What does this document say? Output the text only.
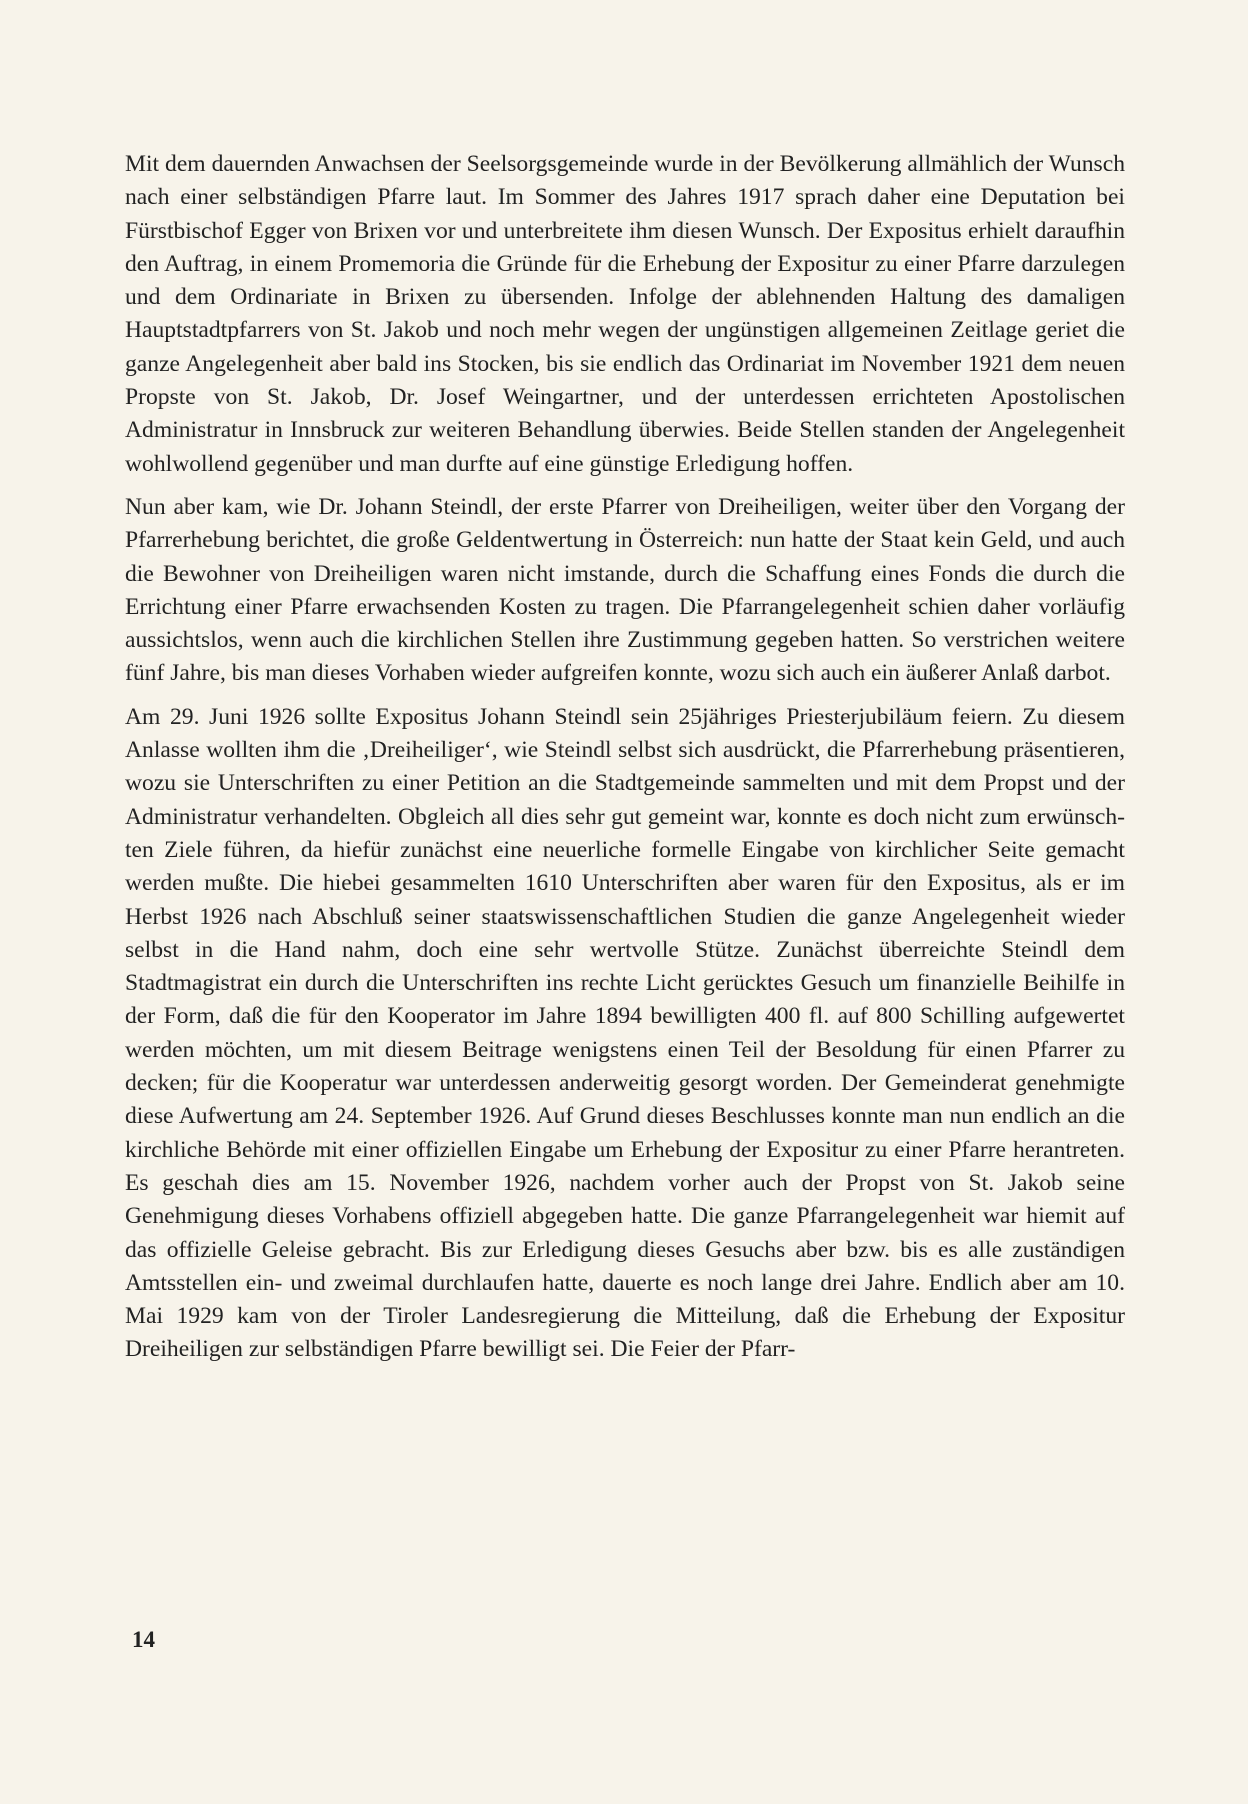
Mit dem dauernden Anwachsen der Seelsorgsgemeinde wurde in der Bevölkerung allmählich der Wunsch nach einer selbständigen Pfarre laut. Im Sommer des Jahres 1917 sprach daher eine Deputation bei Fürstbischof Egger von Brixen vor und unterbreitete ihm diesen Wunsch. Der Expositus erhielt daraufhin den Auftrag, in einem Promemoria die Gründe für die Erhebung der Expositur zu einer Pfarre darzulegen und dem Ordinariate in Brixen zu übersenden. Infolge der ablehnenden Haltung des damaligen Hauptstadtpfarrers von St. Jakob und noch mehr wegen der ungünstigen allgemeinen Zeitlage geriet die ganze Angelegenheit aber bald ins Stocken, bis sie endlich das Ordinariat im November 1921 dem neuen Propste von St. Jakob, Dr. Josef Weingartner, und der unterdessen errichteten Apostolischen Administratur in Innsbruck zur weiteren Behandlung überwies. Beide Stellen standen der Angelegenheit wohlwollend gegenüber und man durfte auf eine günstige Erledigung hoffen.

Nun aber kam, wie Dr. Johann Steindl, der erste Pfarrer von Dreiheiligen, weiter über den Vorgang der Pfarrerhebung berichtet, die große Geldentwertung in Österreich: nun hatte der Staat kein Geld, und auch die Bewohner von Dreiheiligen waren nicht imstande, durch die Schaffung eines Fonds die durch die Errichtung einer Pfarre erwachsenden Kosten zu tragen. Die Pfarrangelegenheit schien daher vorläufig aussichtslos, wenn auch die kirchlichen Stellen ihre Zustimmung gegeben hatten. So verstrichen weitere fünf Jahre, bis man dieses Vorhaben wieder aufgreifen konnte, wozu sich auch ein äußerer Anlaß darbot.

Am 29. Juni 1926 sollte Expositus Johann Steindl sein 25jähriges Priesterjubiläum feiern. Zu diesem Anlasse wollten ihm die ‚Dreiheiliger‘, wie Steindl selbst sich ausdrückt, die Pfarrerhebung präsentieren, wozu sie Unterschriften zu einer Petition an die Stadtgemeinde sammelten und mit dem Propst und der Administratur verhandelten. Obgleich all dies sehr gut gemeint war, konnte es doch nicht zum erwünschten Ziele führen, da hiefür zunächst eine neuerliche formelle Eingabe von kirchlicher Seite gemacht werden mußte. Die hiebei gesammelten 1610 Unterschriften aber waren für den Expositus, als er im Herbst 1926 nach Abschluß seiner staatswissenschaftlichen Studien die ganze Angelegenheit wieder selbst in die Hand nahm, doch eine sehr wertvolle Stütze. Zunächst überreichte Steindl dem Stadtmagistrat ein durch die Unterschriften ins rechte Licht gerücktes Gesuch um finanzielle Beihilfe in der Form, daß die für den Kooperator im Jahre 1894 bewilligten 400 fl. auf 800 Schilling aufgewertet werden möchten, um mit diesem Beitrage wenigstens einen Teil der Besoldung für einen Pfarrer zu decken; für die Kooperatur war unterdessen anderweitig gesorgt worden. Der Gemeinderat genehmigte diese Aufwertung am 24. September 1926. Auf Grund dieses Beschlusses konnte man nun endlich an die kirchliche Behörde mit einer offiziellen Eingabe um Erhebung der Expositur zu einer Pfarre herantreten. Es geschah dies am 15. November 1926, nachdem vorher auch der Propst von St. Jakob seine Genehmigung dieses Vorhabens offiziell abgegeben hatte. Die ganze Pfarrangelegenheit war hiemit auf das offizielle Geleise gebracht. Bis zur Erledigung dieses Gesuchs aber bzw. bis es alle zuständigen Amtsstellen ein- und zweimal durchlaufen hatte, dauerte es noch lange drei Jahre. Endlich aber am 10. Mai 1929 kam von der Tiroler Landesregierung die Mitteilung, daß die Erhebung der Expositur Dreiheiligen zur selbständigen Pfarre bewilligt sei. Die Feier der Pfarr-

14
